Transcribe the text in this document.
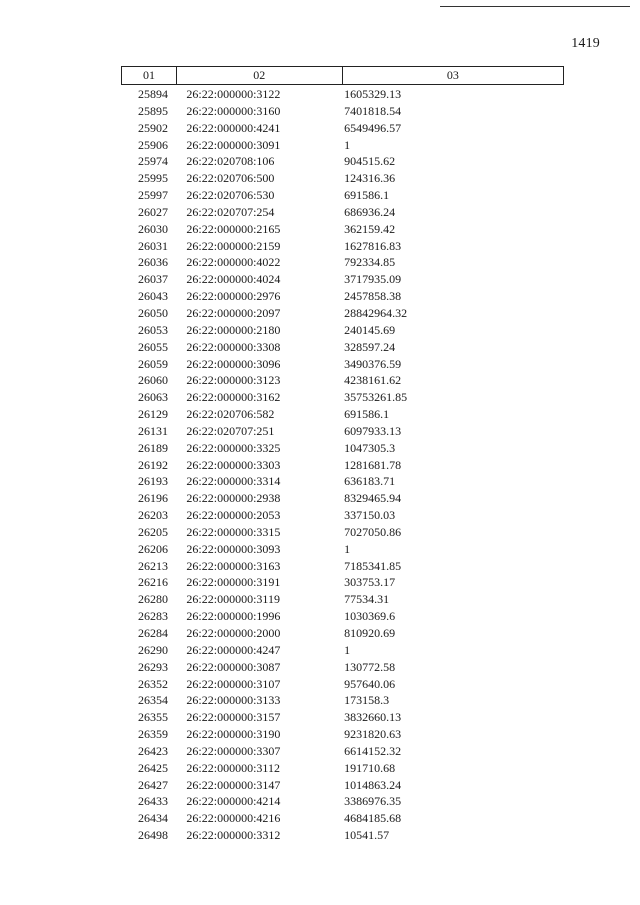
1419
01	02	03
25894	26:22:000000:3122	1605329.13
25895	26:22:000000:3160	7401818.54
25902	26:22:000000:4241	6549496.57
25906	26:22:000000:3091	1
25974	26:22:020708:106	904515.62
25995	26:22:020706:500	124316.36
25997	26:22:020706:530	691586.1
26027	26:22:020707:254	686936.24
26030	26:22:000000:2165	362159.42
26031	26:22:000000:2159	1627816.83
26036	26:22:000000:4022	792334.85
26037	26:22:000000:4024	3717935.09
26043	26:22:000000:2976	2457858.38
26050	26:22:000000:2097	28842964.32
26053	26:22:000000:2180	240145.69
26055	26:22:000000:3308	328597.24
26059	26:22:000000:3096	3490376.59
26060	26:22:000000:3123	4238161.62
26063	26:22:000000:3162	35753261.85
26129	26:22:020706:582	691586.1
26131	26:22:020707:251	6097933.13
26189	26:22:000000:3325	1047305.3
26192	26:22:000000:3303	1281681.78
26193	26:22:000000:3314	636183.71
26196	26:22:000000:2938	8329465.94
26203	26:22:000000:2053	337150.03
26205	26:22:000000:3315	7027050.86
26206	26:22:000000:3093	1
26213	26:22:000000:3163	7185341.85
26216	26:22:000000:3191	303753.17
26280	26:22:000000:3119	77534.31
26283	26:22:000000:1996	1030369.6
26284	26:22:000000:2000	810920.69
26290	26:22:000000:4247	1
26293	26:22:000000:3087	130772.58
26352	26:22:000000:3107	957640.06
26354	26:22:000000:3133	173158.3
26355	26:22:000000:3157	3832660.13
26359	26:22:000000:3190	9231820.63
26423	26:22:000000:3307	6614152.32
26425	26:22:000000:3112	191710.68
26427	26:22:000000:3147	1014863.24
26433	26:22:000000:4214	3386976.35
26434	26:22:000000:4216	4684185.68
26498	26:22:000000:3312	10541.57
